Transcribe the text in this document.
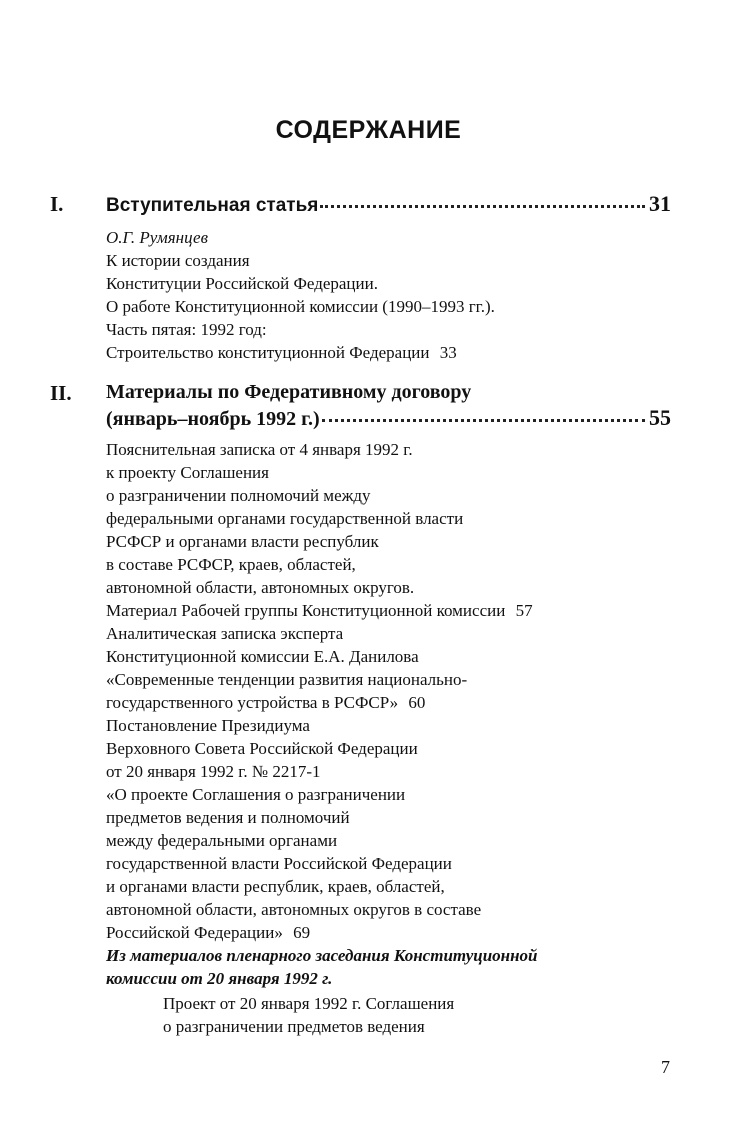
СОДЕРЖАНИЕ
I. Вступительная статья	31
О.Г. Румянцев
К истории создания
Конституции Российской Федерации.
О работе Конституционной комиссии (1990–1993 гг.).
Часть пятая: 1992 год:
Строительство конституционной Федерации 33
II. Материалы по Федеративному договору
(январь–ноябрь 1992 г.)	55
Пояснительная записка от 4 января 1992 г.
к проекту Соглашения
о разграничении полномочий между
федеральными органами государственной власти
РСФСР и органами власти республик
в составе РСФСР, краев, областей,
автономной области, автономных округов.
Материал Рабочей группы Конституционной комиссии 57
Аналитическая записка эксперта
Конституционной комиссии Е.А. Данилова
«Современные тенденции развития национально-
государственного устройства в РСФСР» 60
Постановление Президиума
Верховного Совета Российской Федерации
от 20 января 1992 г. № 2217-1
«О проекте Соглашения о разграничении
предметов ведения и полномочий
между федеральными органами
государственной власти Российской Федерации
и органами власти республик, краев, областей,
автономной области, автономных округов в составе
Российской Федерации» 69
Из материалов пленарного заседания Конституционной
комиссии от 20 января 1992 г.
Проект от 20 января 1992 г. Соглашения
о разграничении предметов ведения
7
